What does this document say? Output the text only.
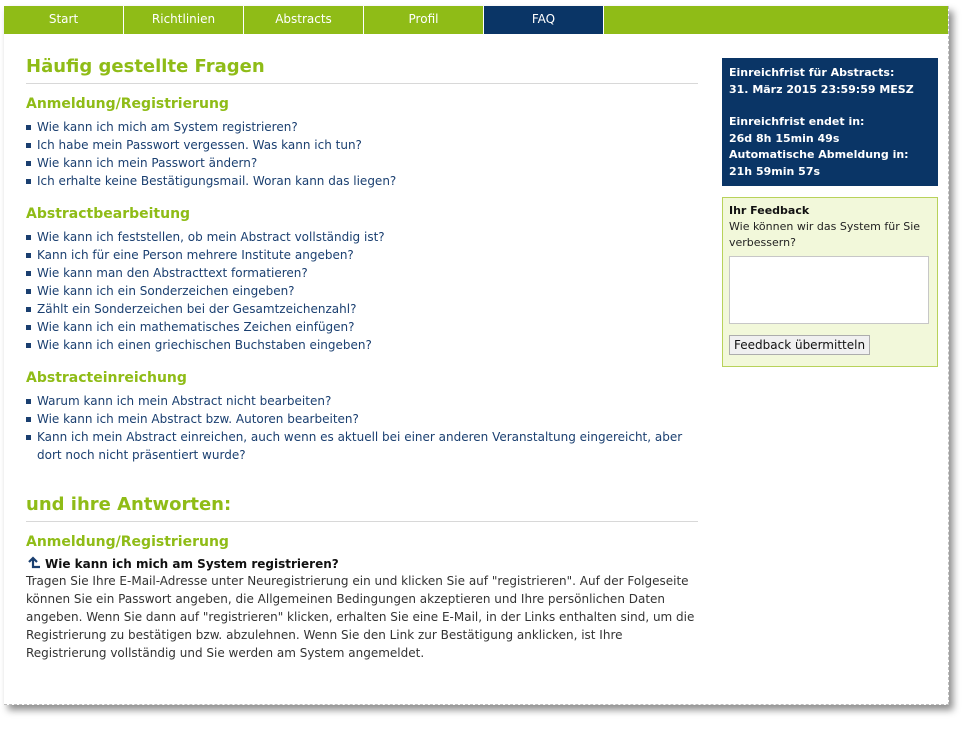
Start	Richtlinien	Abstracts	Profil	FAQ
Häufig gestellte Fragen
Anmeldung/Registrierung
Wie kann ich mich am System registrieren?
Ich habe mein Passwort vergessen. Was kann ich tun?
Wie kann ich mein Passwort ändern?
Ich erhalte keine Bestätigungsmail. Woran kann das liegen?
Abstractbearbeitung
Wie kann ich feststellen, ob mein Abstract vollständig ist?
Kann ich für eine Person mehrere Institute angeben?
Wie kann man den Abstracttext formatieren?
Wie kann ich ein Sonderzeichen eingeben?
Zählt ein Sonderzeichen bei der Gesamtzeichenzahl?
Wie kann ich ein mathematisches Zeichen einfügen?
Wie kann ich einen griechischen Buchstaben eingeben?
Abstracteinreichung
Warum kann ich mein Abstract nicht bearbeiten?
Wie kann ich mein Abstract bzw. Autoren bearbeiten?
Kann ich mein Abstract einreichen, auch wenn es aktuell bei einer anderen Veranstaltung eingereicht, aber dort noch nicht präsentiert wurde?
und ihre Antworten:
Anmeldung/Registrierung
Wie kann ich mich am System registrieren?

Tragen Sie Ihre E-Mail-Adresse unter Neuregistrierung ein und klicken Sie auf "registrieren". Auf der Folgeseite können Sie ein Passwort angeben, die Allgemeinen Bedingungen akzeptieren und Ihre persönlichen Daten angeben. Wenn Sie dann auf "registrieren" klicken, erhalten Sie eine E-Mail, in der Links enthalten sind, um die Registrierung zu bestätigen bzw. abzulehnen. Wenn Sie den Link zur Bestätigung anklicken, ist Ihre Registrierung vollständig und Sie werden am System angemeldet.

Einreichfrist für Abstracts:
31. März 2015 23:59:59 MESZ
Einreichfrist endet in:
26d 8h 15min 49s
Automatische Abmeldung in:
21h 59min 57s
Ihr Feedback
Wie können wir das System für Sie verbessern?
Feedback übermitteln
